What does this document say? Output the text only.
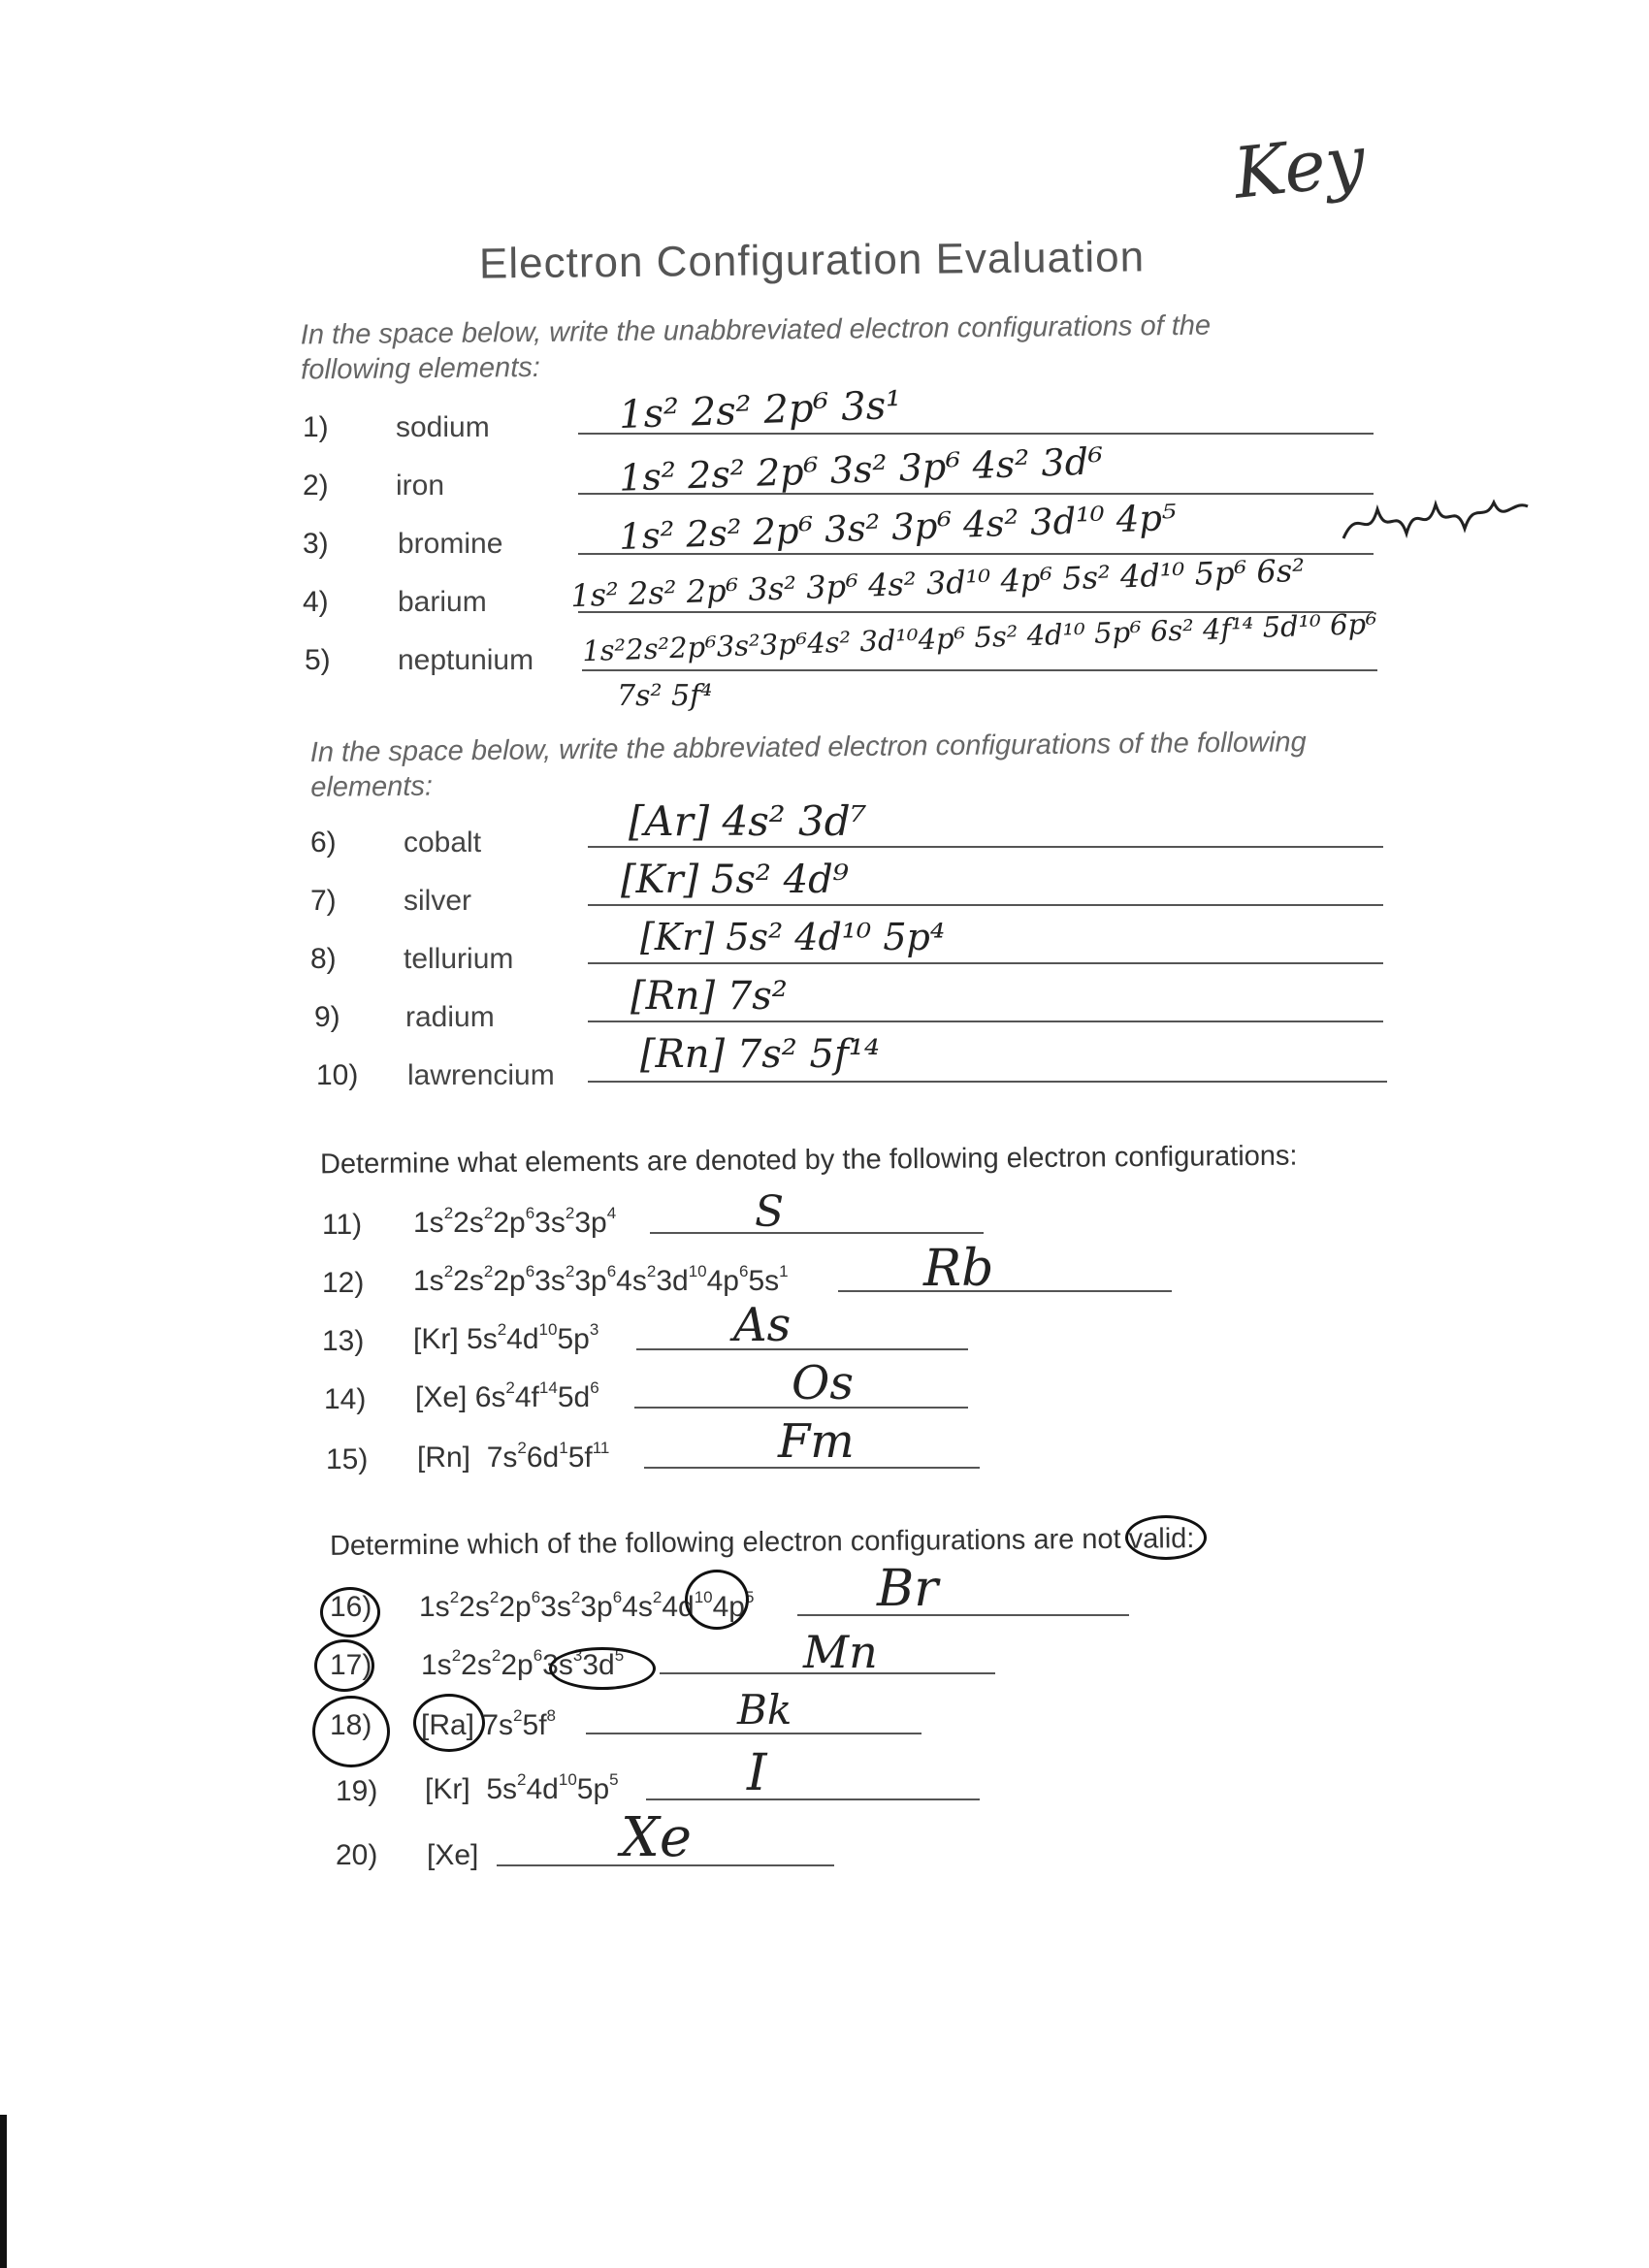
Key
Electron Configuration Evaluation
In the space below, write the unabbreviated electron configurations of the following elements:
1) sodium	1s² 2s² 2p⁶ 3s¹
2) iron	1s² 2s² 2p⁶ 3s² 3p⁶ 4s² 3d⁶
3) bromine	1s² 2s² 2p⁶ 3s² 3p⁶ 4s² 3d¹⁰ 4p⁵
4) barium	1s² 2s² 2p⁶ 3s² 3p⁶ 4s² 3d¹⁰ 4p⁶ 5s² 4d¹⁰ 5p⁶ 6s²
5) neptunium 1s²2s²2p⁶3s²3p⁶4s² 3d¹⁰4p⁶ 5s² 4d¹⁰ 5p⁶ 6s² 4f¹⁴ 5d¹⁰ 6p⁶
7s² 5f⁴
In the space below, write the abbreviated electron configurations of the following elements:
6) cobalt	[Ar] 4s² 3d⁷
7) silver	[Kr] 5s² 4d⁹
8) tellurium
[Kr] 5s² 4d¹⁰ 5p⁴
9) radium	[Rn] 7s²
10) lawrencium [Rn] 7s² 5f¹⁴
Determine what elements are denoted by the following electron configurations:
11) $1s^22s^22p^63s^23p^4$	S
12) $1s^22s^22p^63s^23p^64s^23d^{10}4p^65s^1$	Rb
13) [Kr] $5s^24d^{10}5p^3$	As
14) [Xe] $6s^24f^{14}5d^6$	Os
15) [Rn]  $7s^26d^15f^{11}$	Fm
Determine which of the following electron configurations are not valid:
16) $1s^22s^22p^63s^23p^64s^24d^{10}4p^5$ Br
17) $1s^22s^22p^63s^33d^5$	Mn
18) [Ra] $7s^25f^8$	Bk
19) [Kr]  $5s^24d^{10}5p^5$	I
20) [Xe]	Xe
